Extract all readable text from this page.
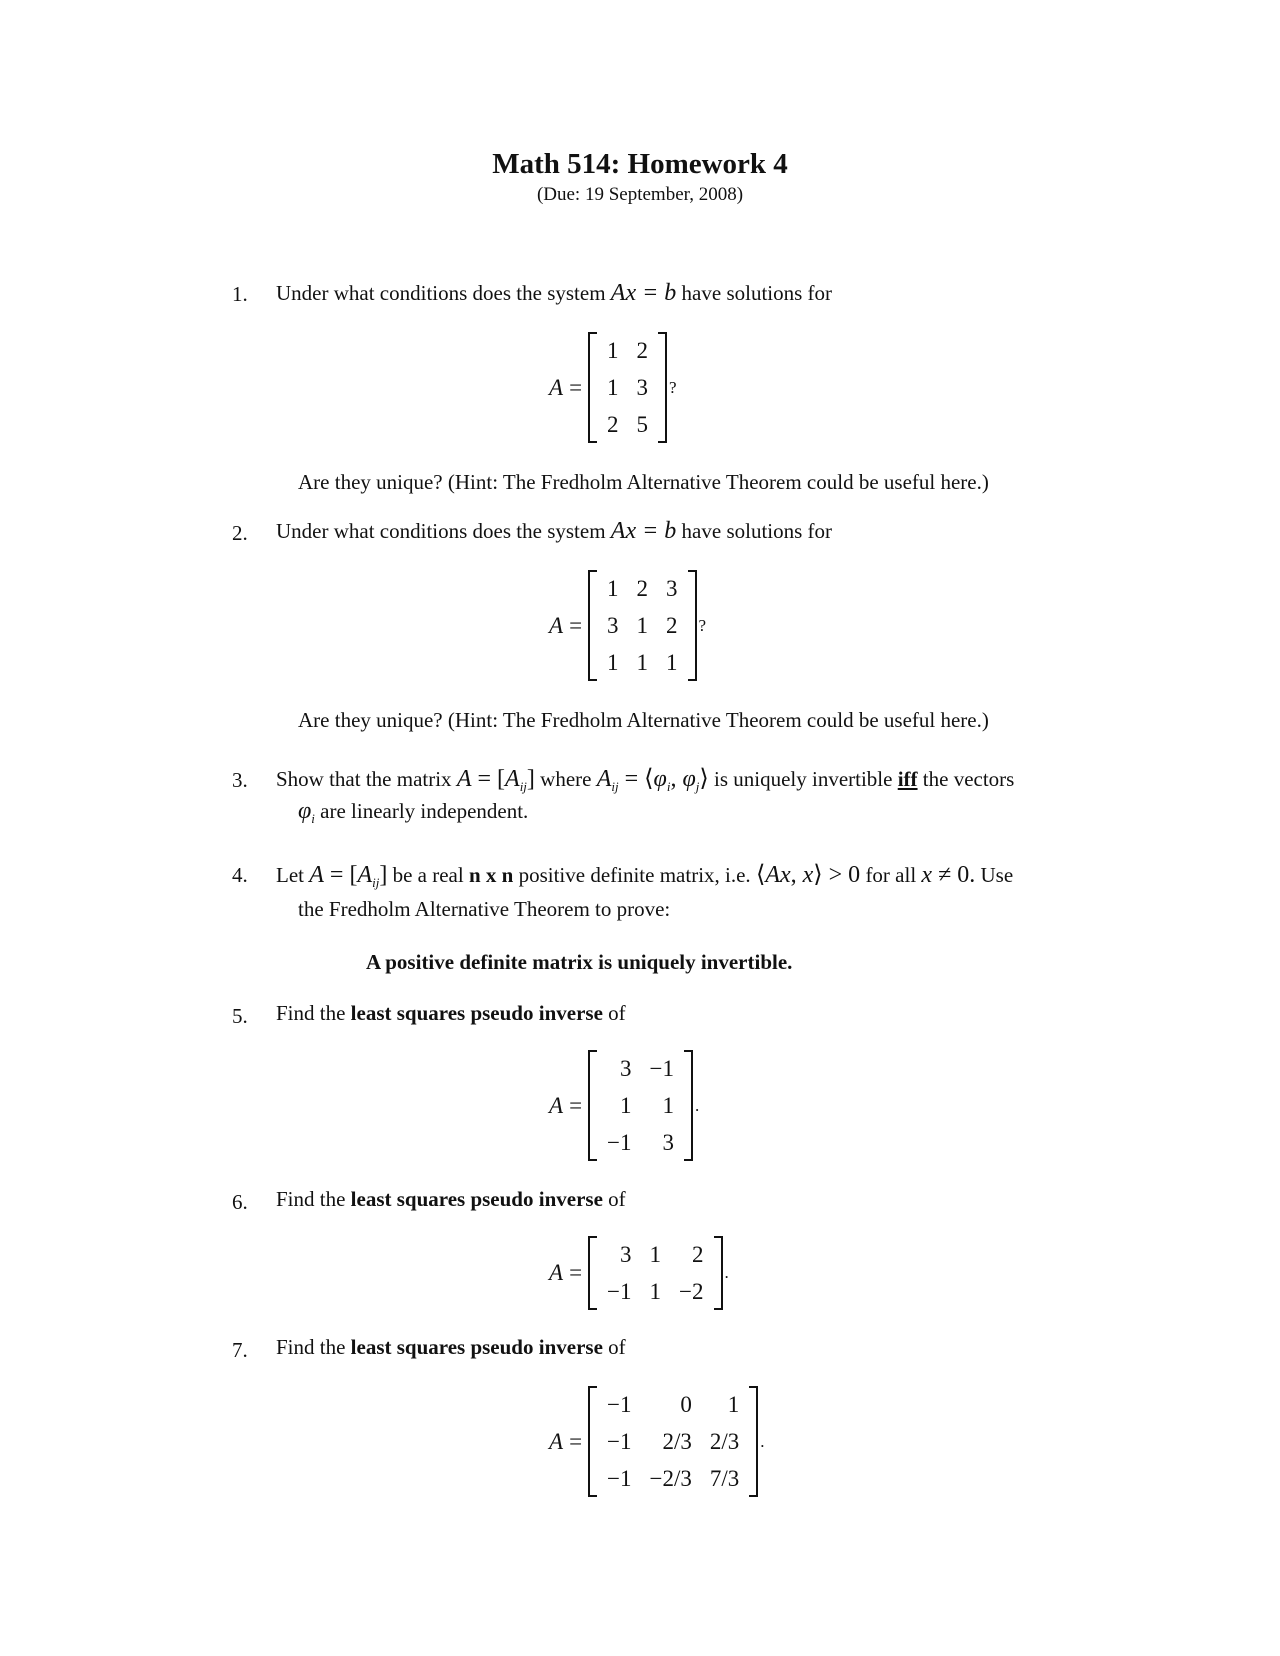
Math 514: Homework 4
(Due: 19 September, 2008)
1. Under what conditions does the system Ax = b have solutions for
A =
1	2
1	3
2	5
?
Are they unique? (Hint: The Fredholm Alternative Theorem could be useful here.)
2. Under what conditions does the system Ax = b have solutions for
A =
1	2	3
3	1	2
1	1	1
?
Are they unique? (Hint: The Fredholm Alternative Theorem could be useful here.)
3. Show that the matrix $A = [A_{ij}]$ where $A_{ij}$ = $⟨\varphi_i$, $\varphi_j⟩$ is uniquely invertible iff the vectors
$\varphi_i$ are linearly independent.
4. Let $A = [A_{ij}]$ be a real n x n positive definite matrix, i.e. ⟨Ax, x⟩ > 0 for all x ≠ 0. Use
the Fredholm Alternative Theorem to prove:
A positive definite matrix is uniquely invertible.
5. Find the least squares pseudo inverse of
A =
3	−1
1	1
−1	3
.
6. Find the least squares pseudo inverse of
A =
3	1	2
−1	1	−2
.
7. Find the least squares pseudo inverse of
A =
−1	0	1
−1	2/3	2/3
−1	−2/3	7/3
.
